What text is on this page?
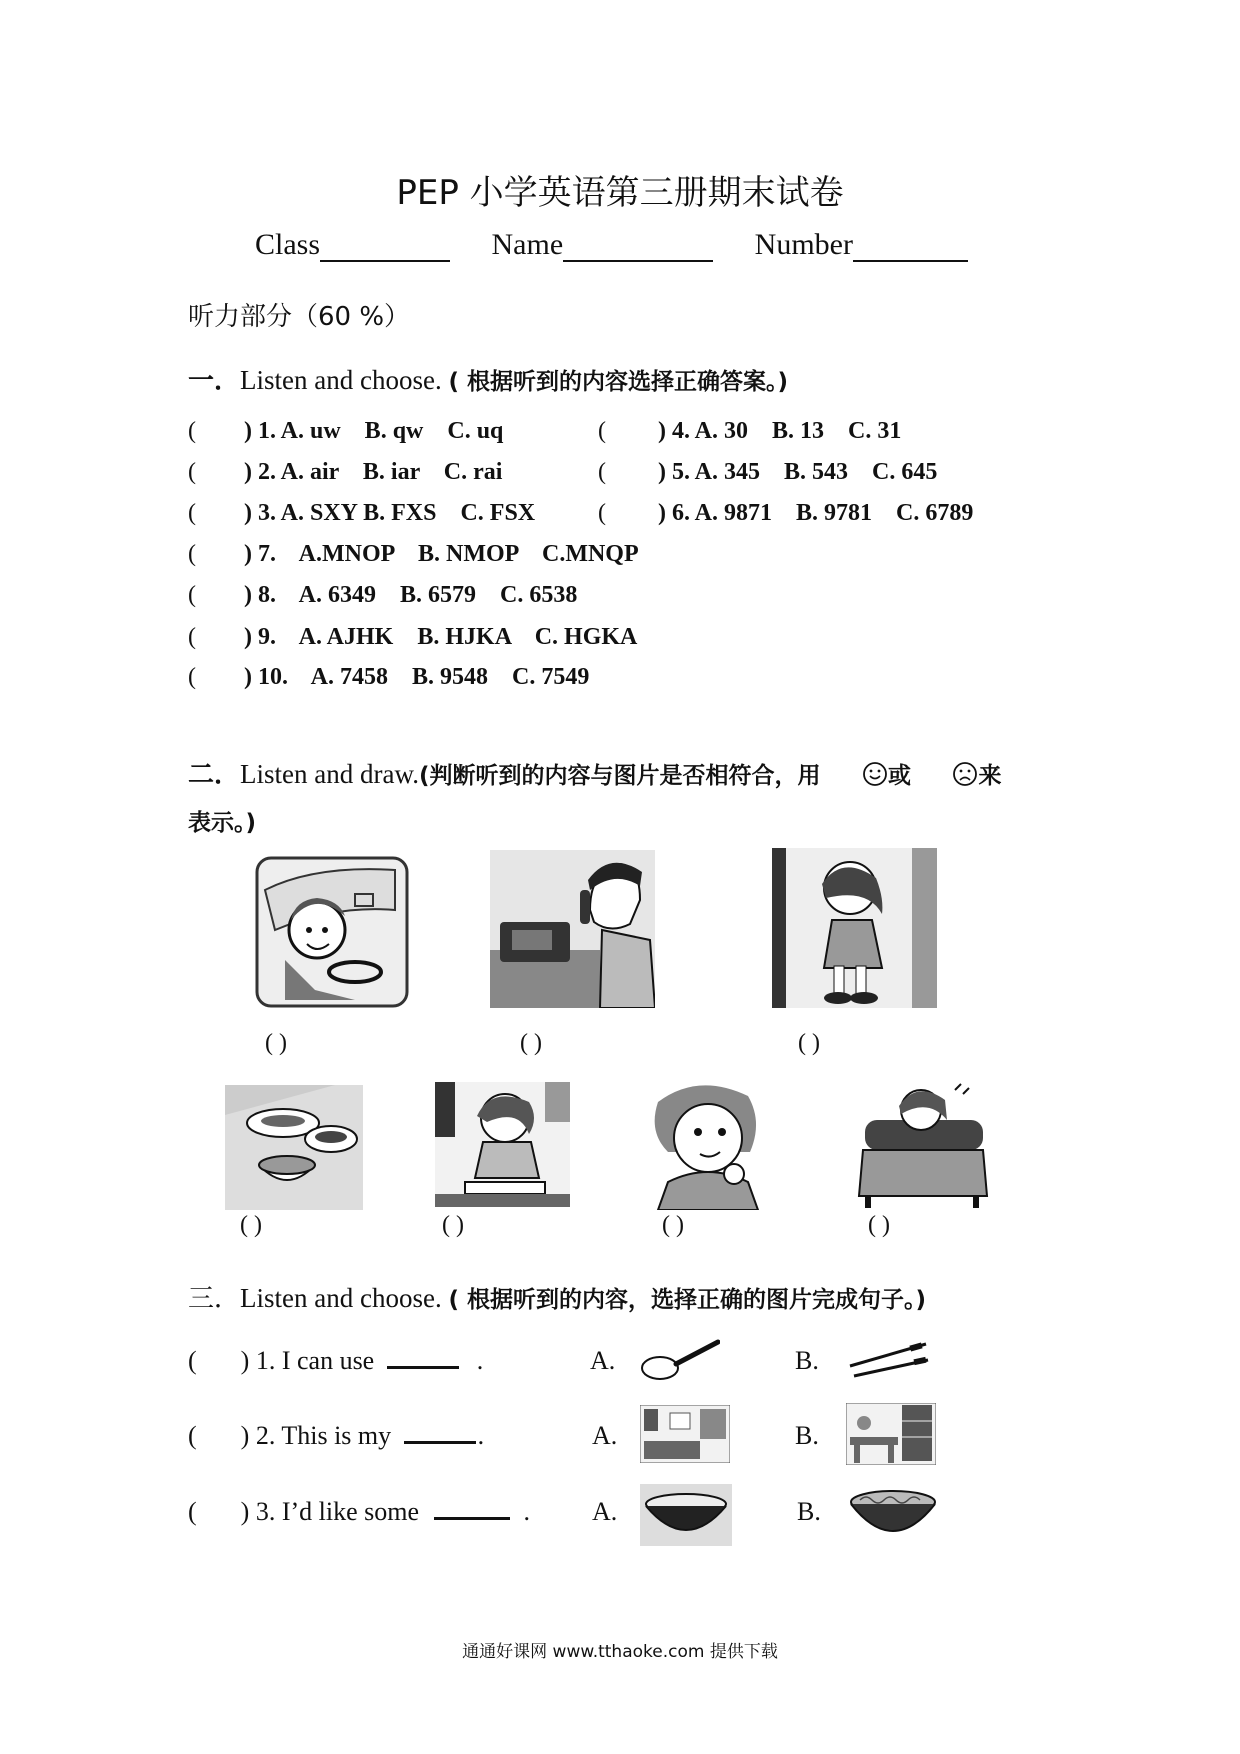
PEP 小学英语第三册期末试卷
Class	Name	Number
听力部分（60 %）
一．Listen and choose. ( 根据听到的内容选择正确答案。)
( ) 1. A. uw    B. qw    C. uq	( ) 4. A. 30    B. 13    C. 31
( ) 2. A. air    B. iar    C. rai	( ) 5. A. 345    B. 543    C. 645
( ) 3. A. SXY B. FXS    C. FSX	( ) 6. A. 9871    B. 9781    C. 6789
( ) 7.    A.MNOP    B. NMOP    C.MNQP
( ) 8.    A. 6349    B. 6579    C. 6538
( ) 9.    A. AJHK    B. HJKA    C. HGKA
( ) 10.    A. 7458    B. 9548    C. 7549
二．Listen and draw.(判断听到的内容与图片是否相符合，用	或	来
表示。)
( )	( )	( )
( )	( )	( )	( )
三．Listen and choose. ( 根据听到的内容，选择正确的图片完成句子。)
( ) 1. I can use	.	A.	B.
( ) 2. This is my	.	A.	B.
( ) 3. I’d like some	. A.	B.
通通好课网 www.tthaoke.com 提供下载
